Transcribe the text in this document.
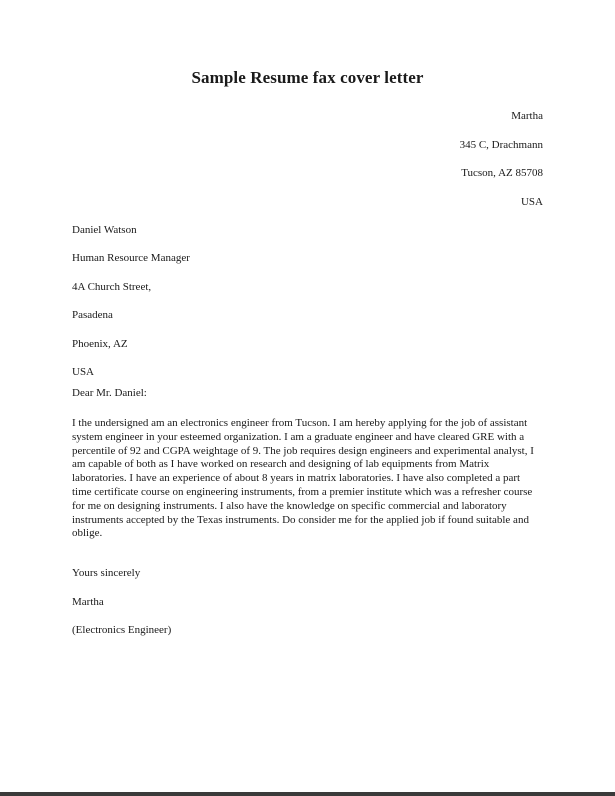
Sample Resume fax cover letter
Martha
345 C, Drachmann
Tucson, AZ 85708
USA
Daniel Watson
Human Resource Manager
4A Church Street,
Pasadena
Phoenix, AZ
USA
Dear Mr. Daniel:
I the undersigned am an electronics engineer from Tucson. I am hereby applying for the job of assistant
system engineer in your esteemed organization. I am a graduate engineer and have cleared GRE with a
percentile of 92 and CGPA weightage of 9. The job requires design engineers and experimental analyst, I
am capable of both as I have worked on research and designing of lab equipments from Matrix
laboratories. I have an experience of about 8 years in matrix laboratories. I have also completed a part
time certificate course on engineering instruments, from a premier institute which was a refresher course
for me on designing instruments. I also have the knowledge on specific commercial and laboratory
instruments accepted by the Texas instruments. Do consider me for the applied job if found suitable and
oblige.
Yours sincerely
Martha
(Electronics Engineer)
